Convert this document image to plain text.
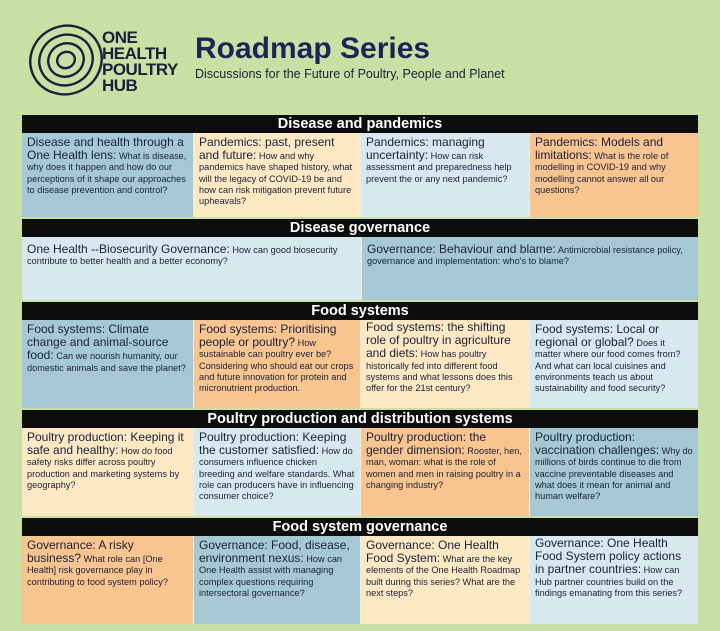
ONE
HEALTH
POULTRY
HUB
Roadmap Series
Discussions for the Future of Poultry, People and Planet
Disease and pandemics
Disease and health through a One Health lens: What is disease, why does it happen and how do our perceptions of it shape our approaches to disease prevention and control?
Pandemics: past, present and future: How and why pandemics have shaped history, what will the legacy of COVID-19 be and how can risk mitigation prevent future upheavals?
Pandemics: managing uncertainty: How can risk assessment and preparedness help prevent the or any next pandemic?
Pandemics: Models and limitations: What is the role of modelling in COVID-19 and why modelling cannot answer all our questions?
Disease governance
One Health --Biosecurity Governance: How can good biosecurity contribute to better health and a better economy?
Governance: Behaviour and blame: Antimicrobial resistance policy, governance and implementation: who's to blame?
Food systems
Food systems: Climate change and animal-source food: Can we nourish humanity, our domestic animals and save the planet?
Food systems: Prioritising people or poultry? How sustainable can poultry ever be? Considering who should eat our crops and future innovation for protein and micronutrient production.
Food systems: the shifting role of poultry in agriculture and diets: How has poultry historically fed into different food systems and what lessons does this offer for the 21st century?
Food systems: Local or regional or global? Does it matter where our food comes from? And what can local cuisines and environments teach us about sustainability and food security?
Poultry production and distribution systems
Poultry production: Keeping it safe and healthy: How do food safety risks differ across poultry production and marketing systems by geography?
Poultry production: Keeping the customer satisfied: How do consumers influence chicken breeding and welfare standards. What role can producers have in influencing consumer choice?
Poultry production: the gender dimension: Rooster, hen, man, woman: what is the role of women and men in raising poultry in a changing industry?
Poultry production: vaccination challenges: Why do millions of birds continue to die from vaccine preventable diseases and what does it mean for animal and human welfare?
Food system governance
Governance: A risky business? What role can [One Health] risk governance play in contributing to food system policy?
Governance: Food, disease, environment nexus: How can One Health assist with managing complex questions requiring intersectoral governance?
Governance: One Health Food System: What are the key elements of the One Health Roadmap built during this series? What are the next steps?
Governance: One Health Food System policy actions in partner countries: How can Hub partner countries build on the findings emanating from this series?
